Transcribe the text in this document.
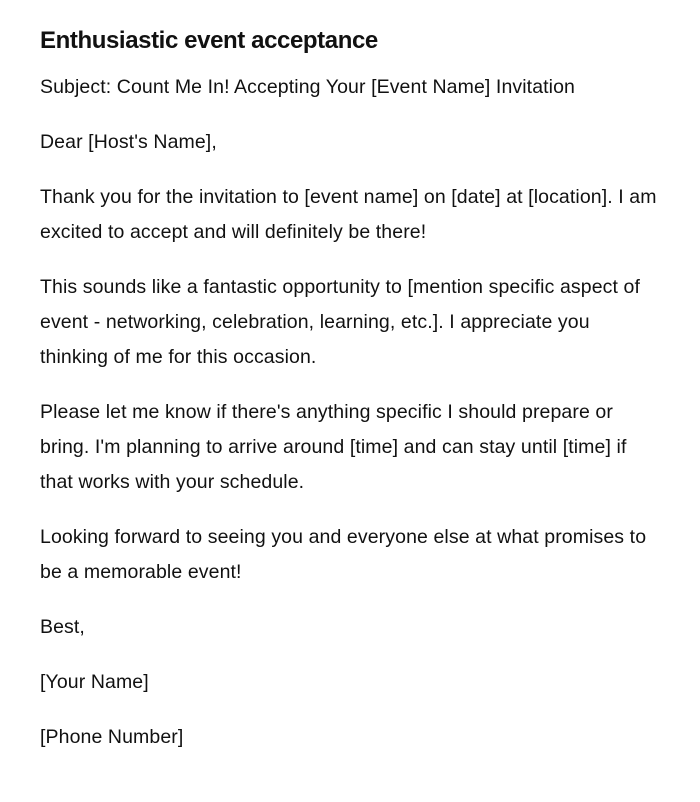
Enthusiastic event acceptance

Subject: Count Me In! Accepting Your [Event Name] Invitation

Dear [Host's Name],

Thank you for the invitation to [event name] on [date] at [location]. I am excited to accept and will definitely be there!

This sounds like a fantastic opportunity to [mention specific aspect of event - networking, celebration, learning, etc.]. I appreciate you thinking of me for this occasion.

Please let me know if there's anything specific I should prepare or bring. I'm planning to arrive around [time] and can stay until [time] if that works with your schedule.

Looking forward to seeing you and everyone else at what promises to be a memorable event!

Best,

[Your Name]

[Phone Number]
